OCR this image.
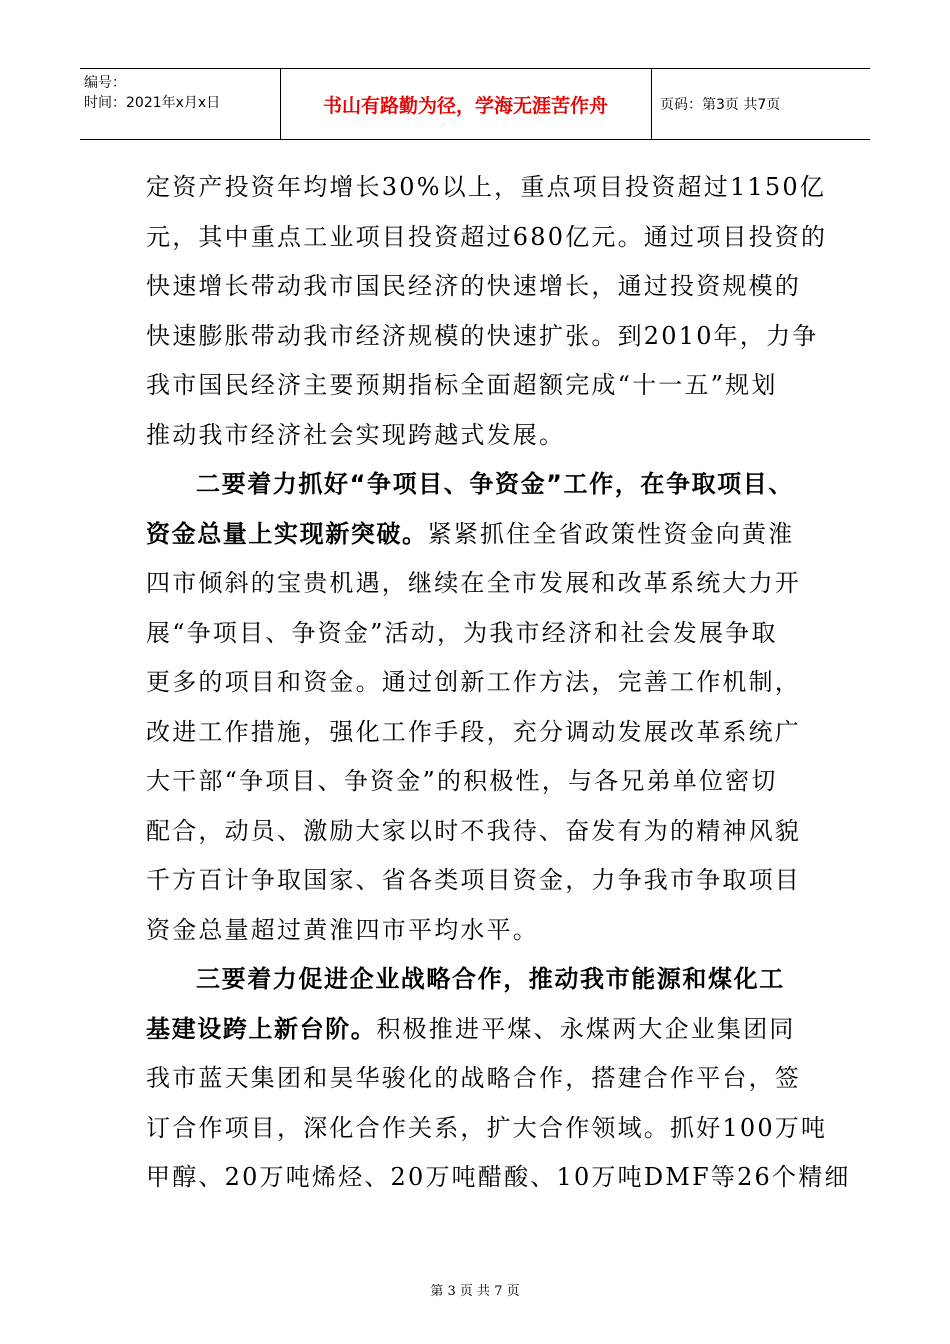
编号：
时间：2021年x月x日	书山有路勤为径，学海无涯苦作舟	页码：第3页 共7页
定资产投资年均增长30%以上，重点项目投资超过1150亿
元，其中重点工业项目投资超过680亿元。通过项目投资的
快速增长带动我市国民经济的快速增长，通过投资规模的
快速膨胀带动我市经济规模的快速扩张。到2010年，力争
我市国民经济主要预期指标全面超额完成“十一五”规划
推动我市经济社会实现跨越式发展。
二要着力抓好“争项目、争资金”工作，在争取项目、
资金总量上实现新突破。紧紧抓住全省政策性资金向黄淮
四市倾斜的宝贵机遇，继续在全市发展和改革系统大力开
展“争项目、争资金”活动，为我市经济和社会发展争取
更多的项目和资金。通过创新工作方法，完善工作机制，
改进工作措施，强化工作手段，充分调动发展改革系统广
大干部“争项目、争资金”的积极性，与各兄弟单位密切
配合，动员、激励大家以时不我待、奋发有为的精神风貌
千方百计争取国家、省各类项目资金，力争我市争取项目
资金总量超过黄淮四市平均水平。
三要着力促进企业战略合作，推动我市能源和煤化工
基建设跨上新台阶。积极推进平煤、永煤两大企业集团同
我市蓝天集团和昊华骏化的战略合作，搭建合作平台，签
订合作项目，深化合作关系，扩大合作领域。抓好100万吨
甲醇、20万吨烯烃、20万吨醋酸、10万吨DMF等26个精细
第 3 页 共 7 页
